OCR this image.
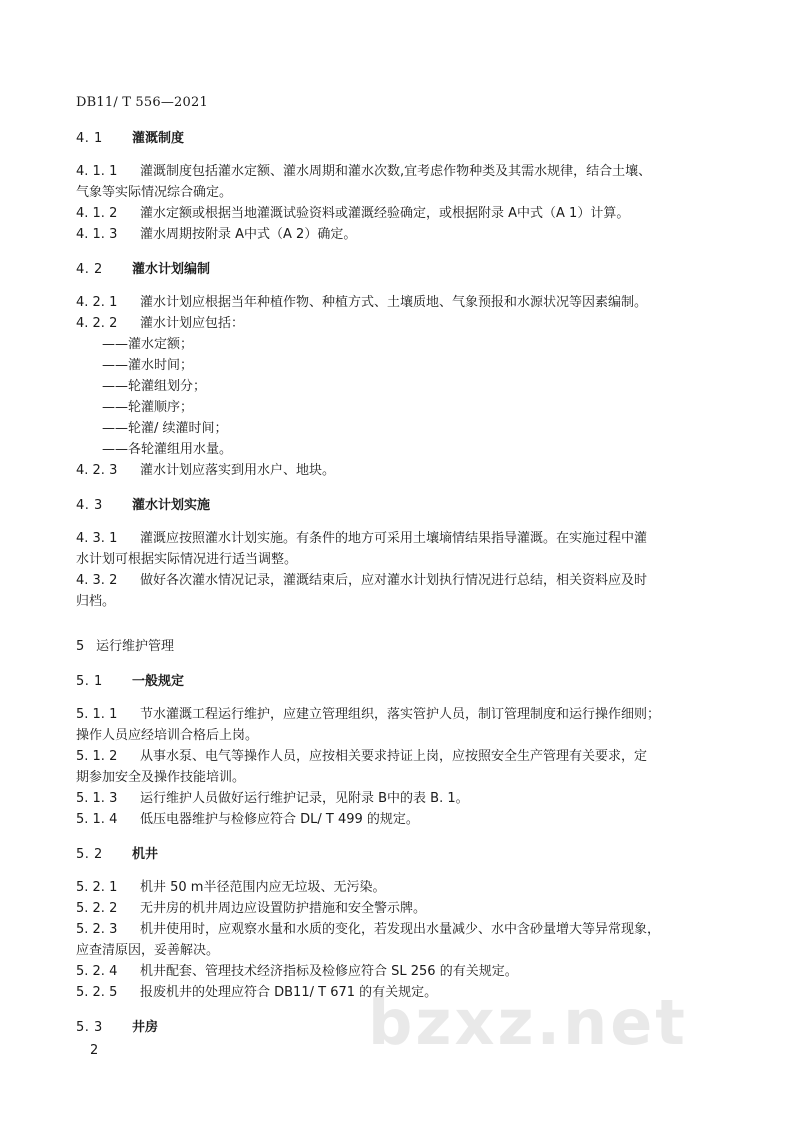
DB11/ T 556—2021
4. 1 灌溉制度
4. 1. 1 灌溉制度包括灌水定额、灌水周期和灌水次数,宜考虑作物种类及其需水规律，结合土壤、
气象等实际情况综合确定。
4. 1. 2 灌水定额或根据当地灌溉试验资料或灌溉经验确定，或根据附录 A中式（A 1）计算。
4. 1. 3 灌水周期按附录 A中式（A 2）确定。
4. 2 灌水计划编制
4. 2. 1 灌水计划应根据当年种植作物、种植方式、土壤质地、气象预报和水源状况等因素编制。
4. 2. 2 灌水计划应包括：
——灌水定额；
——灌水时间；
——轮灌组划分；
——轮灌顺序；
——轮灌/ 续灌时间；
——各轮灌组用水量。
4. 2. 3 灌水计划应落实到用水户、地块。
4. 3 灌水计划实施
4. 3. 1 灌溉应按照灌水计划实施。有条件的地方可采用土壤墒情结果指导灌溉。在实施过程中灌
水计划可根据实际情况进行适当调整。
4. 3. 2 做好各次灌水情况记录，灌溉结束后，应对灌水计划执行情况进行总结，相关资料应及时
归档。
5 运行维护管理
5. 1 一般规定
5. 1. 1 节水灌溉工程运行维护，应建立管理组织，落实管护人员，制订管理制度和运行操作细则；
操作人员应经培训合格后上岗。
5. 1. 2 从事水泵、电气等操作人员，应按相关要求持证上岗，应按照安全生产管理有关要求，定
期参加安全及操作技能培训。
5. 1. 3 运行维护人员做好运行维护记录，见附录 B中的表 B. 1。
5. 1. 4 低压电器维护与检修应符合 DL/ T 499 的规定。
5. 2 机井
5. 2. 1 机井 50 m半径范围内应无垃圾、无污染。
5. 2. 2 无井房的机井周边应设置防护措施和安全警示牌。
5. 2. 3 机井使用时，应观察水量和水质的变化，若发现出水量减少、水中含砂量增大等异常现象，
应查清原因，妥善解决。
5. 2. 4 机井配套、管理技术经济指标及检修应符合 SL 256 的有关规定。
5. 2. 5 报废机井的处理应符合 DB11/ T 671 的有关规定。
5. 3 井房	bzxz.net
2
